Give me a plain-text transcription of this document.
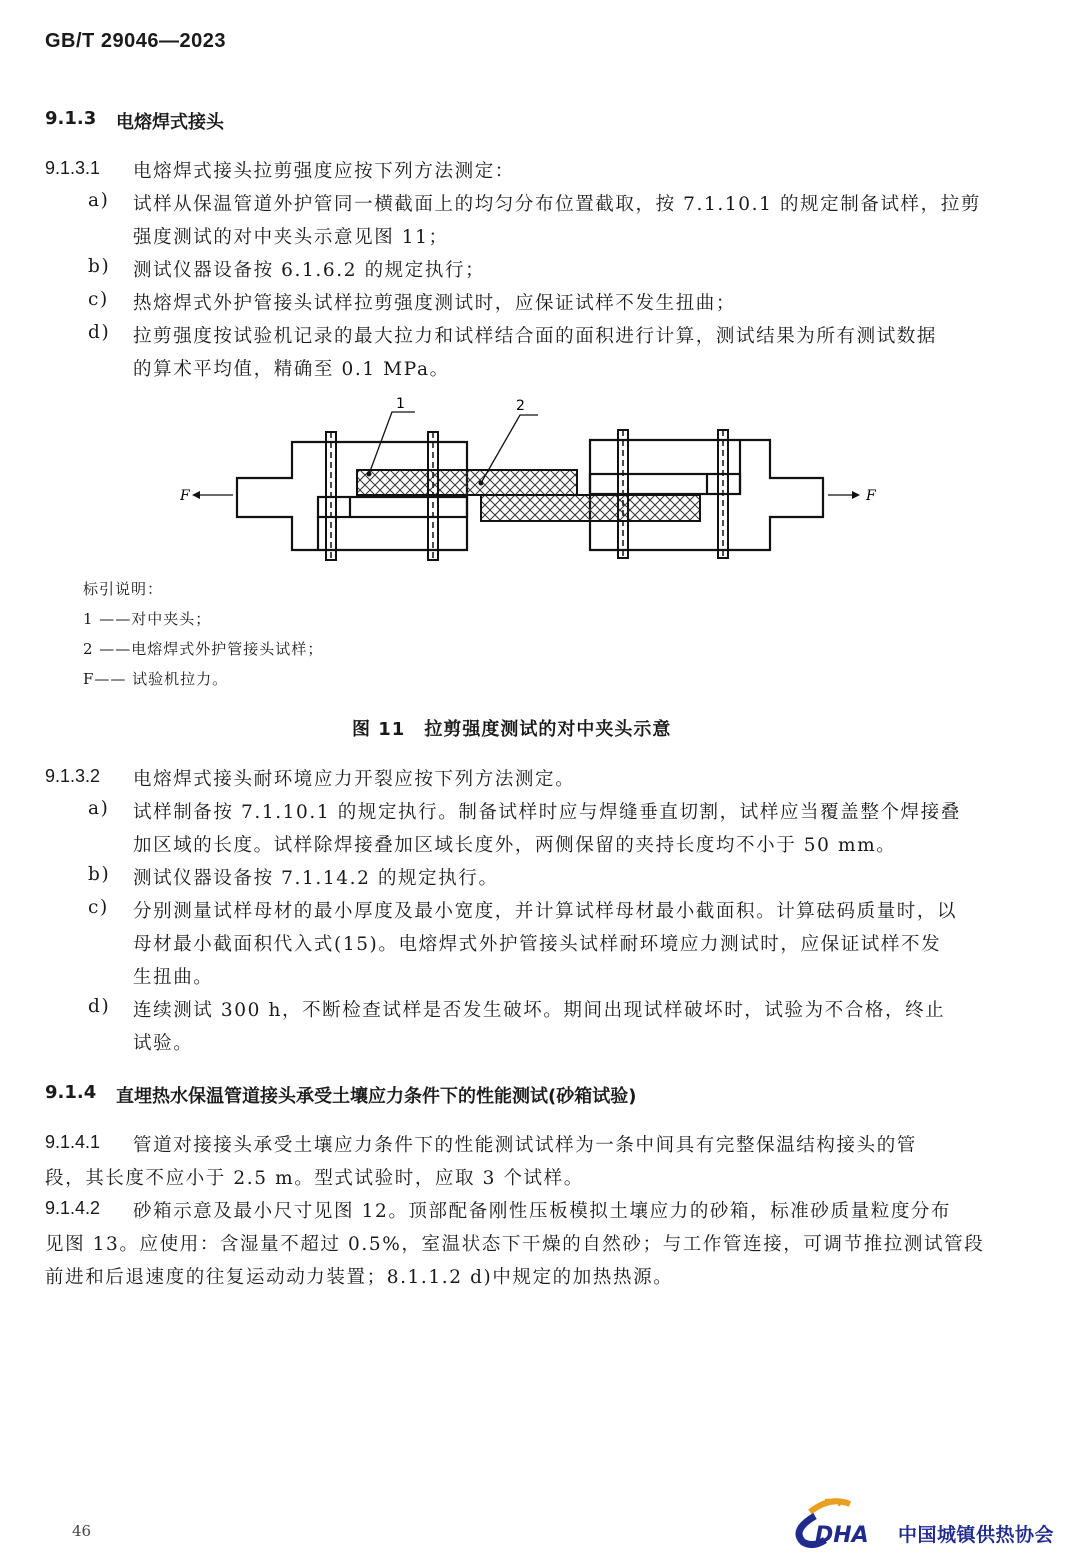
GB/T 29046—2023
9.1.3 电熔焊式接头
9.1.3.1 电熔焊式接头拉剪强度应按下列方法测定：
a) 试样从保温管道外护管同一横截面上的均匀分布位置截取，按 7.1.10.1 的规定制备试样，拉剪
强度测试的对中夹头示意见图 11；
b) 测试仪器设备按 6.1.6.2 的规定执行；
c) 热熔焊式外护管接头试样拉剪强度测试时，应保证试样不发生扭曲；
d) 拉剪强度按试验机记录的最大拉力和试样结合面的面积进行计算，测试结果为所有测试数据
的算术平均值，精确至 0.1 MPa。
1	2
F	F
标引说明：
1 ——对中夹头；
2 ——电熔焊式外护管接头试样；
F—— 试验机拉力。
图 11　拉剪强度测试的对中夹头示意
9.1.3.2 电熔焊式接头耐环境应力开裂应按下列方法测定。
a) 试样制备按 7.1.10.1 的规定执行。制备试样时应与焊缝垂直切割，试样应当覆盖整个焊接叠
加区域的长度。试样除焊接叠加区域长度外，两侧保留的夹持长度均不小于 50 mm。
b) 测试仪器设备按 7.1.14.2 的规定执行。
c) 分别测量试样母材的最小厚度及最小宽度，并计算试样母材最小截面积。计算砝码质量时，以
母材最小截面积代入式(15)。电熔焊式外护管接头试样耐环境应力测试时，应保证试样不发
生扭曲。
d) 连续测试 300 h，不断检查试样是否发生破坏。期间出现试样破坏时，试验为不合格，终止
试验。
9.1.4 直埋热水保温管道接头承受土壤应力条件下的性能测试(砂箱试验)
9.1.4.1 管道对接接头承受土壤应力条件下的性能测试试样为一条中间具有完整保温结构接头的管
段，其长度不应小于 2.5 m。型式试验时，应取 3 个试样。
9.1.4.2 砂箱示意及最小尺寸见图 12。顶部配备刚性压板模拟土壤应力的砂箱，标准砂质量粒度分布
见图 13。应使用：含湿量不超过 0.5%，室温状态下干燥的自然砂；与工作管连接，可调节推拉测试管段
前进和后退速度的往复运动动力装置；8.1.1.2 d)中规定的加热热源。
46	DHA 中国城镇供热协会
